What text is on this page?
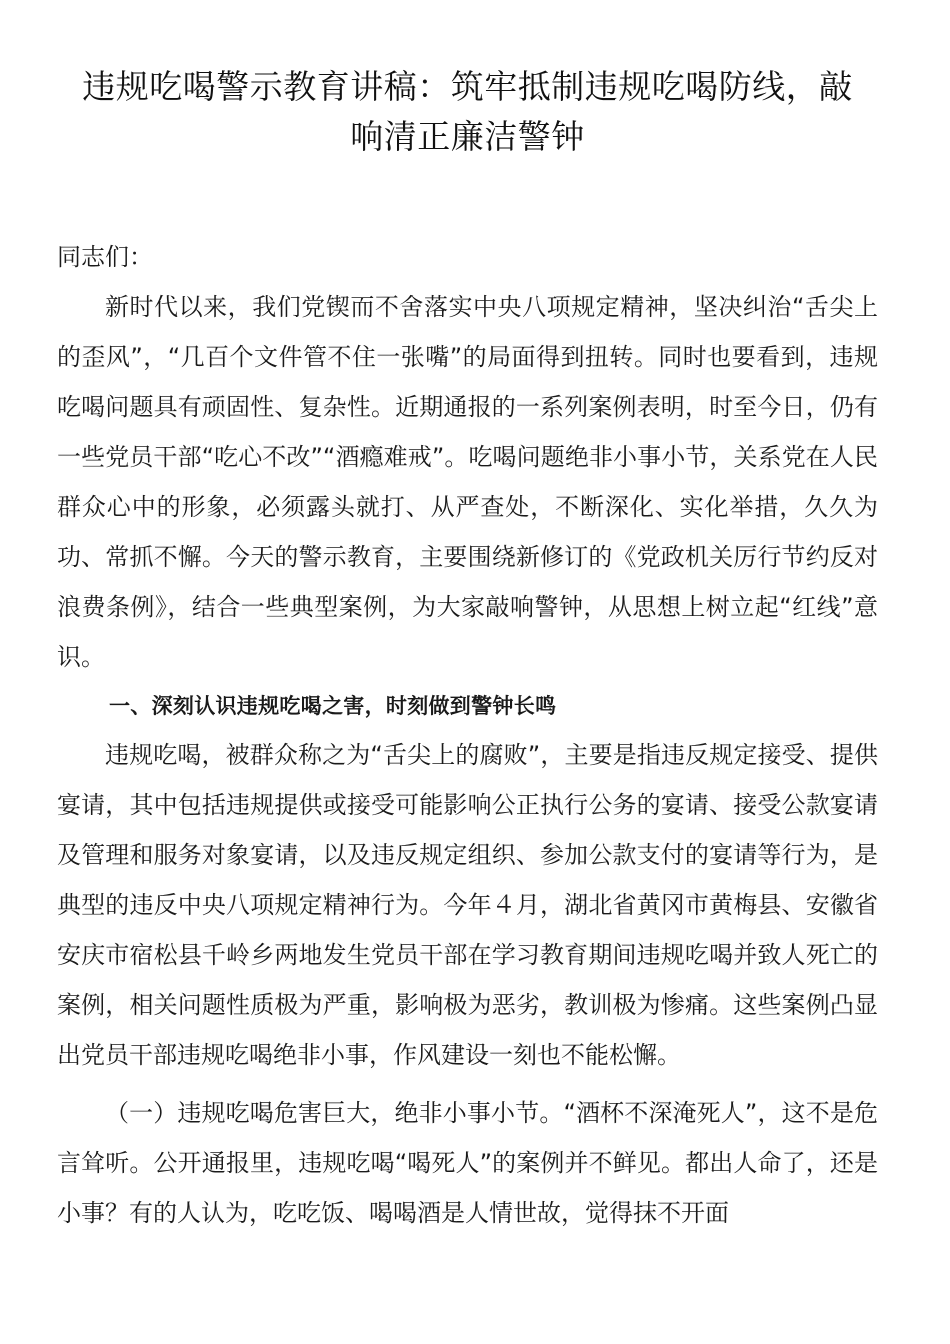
违规吃喝警示教育讲稿：筑牢抵制违规吃喝防线，敲
响清正廉洁警钟

同志们：

新时代以来，我们党锲而不舍落实中央八项规定精神，坚决纠治“舌尖上的歪风”，“几百个文件管不住一张嘴”的局面得到扭转。同时也要看到，违规吃喝问题具有顽固性、复杂性。近期通报的一系列案例表明，时至今日，仍有一些党员干部“吃心不改”“酒瘾难戒”。吃喝问题绝非小事小节，关系党在人民群众心中的形象，必须露头就打、从严查处，不断深化、实化举措，久久为功、常抓不懈。今天的警示教育，主要围绕新修订的《党政机关厉行节约反对浪费条例》，结合一些典型案例，为大家敲响警钟，从思想上树立起“红线”意识。

一、深刻认识违规吃喝之害，时刻做到警钟长鸣

违规吃喝，被群众称之为“舌尖上的腐败”，主要是指违反规定接受、提供宴请，其中包括违规提供或接受可能影响公正执行公务的宴请、接受公款宴请及管理和服务对象宴请，以及违反规定组织、参加公款支付的宴请等行为，是典型的违反中央八项规定精神行为。今年４月，湖北省黄冈市黄梅县、安徽省安庆市宿松县千岭乡两地发生党员干部在学习教育期间违规吃喝并致人死亡的案例，相关问题性质极为严重，影响极为恶劣，教训极为惨痛。这些案例凸显出党员干部违规吃喝绝非小事，作风建设一刻也不能松懈。

（一）违规吃喝危害巨大，绝非小事小节。“酒杯不深淹死人”，这不是危言耸听。公开通报里，违规吃喝“喝死人”的案例并不鲜见。都出人命了，还是小事？有的人认为，吃吃饭、喝喝酒是人情世故，觉得抹不开面
